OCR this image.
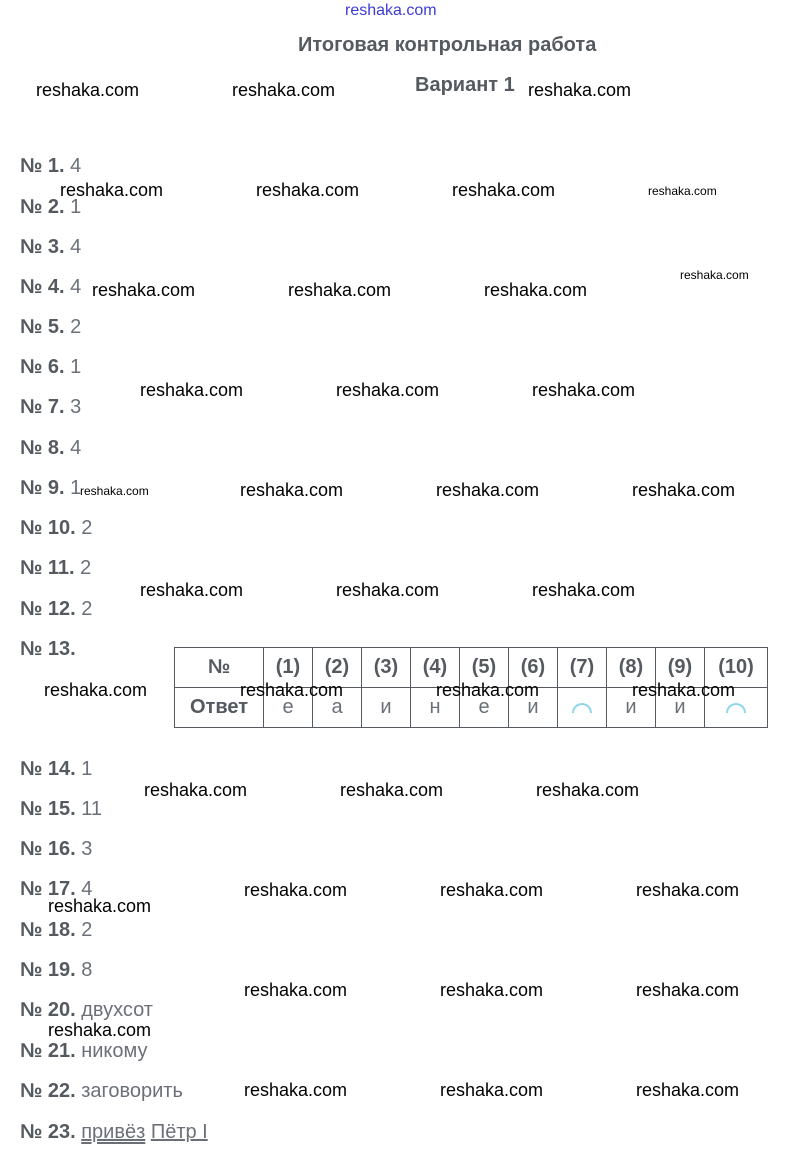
reshaka.com
Итоговая контрольная работа
Вариант 1
№ 1. 4
№ 2. 1
№ 3. 4
№ 4. 4
№ 5. 2
№ 6. 1
№ 7. 3
№ 8. 4
№ 9. 1
№ 10. 2
№ 11. 2
№ 12. 2
№ 13.
№ 14. 1
№ 15. 11
№ 16. 3
№ 17. 4
№ 18. 2
№ 19. 8
№ 20. двухсот
№ 21. никому
№ 22. заговорить
№ 23. привёз Пётр I
№	(1)	(2)	(3)	(4)	(5)	(6)	(7)	(8)	(9)	(10)
Ответ	е	а	и	н	е	и		и	и	
reshaka.com	reshaka.com	reshaka.com
reshaka.com	reshaka.com	reshaka.com	reshaka.com
reshaka.com	reshaka.com	reshaka.com
reshaka.com
reshaka.com	reshaka.com	reshaka.com
reshaka.com	reshaka.com	reshaka.com	reshaka.com
reshaka.com	reshaka.com	reshaka.com
reshaka.com	reshaka.com	reshaka.com	reshaka.com
reshaka.com	reshaka.com	reshaka.com
reshaka.com	reshaka.com	reshaka.com
reshaka.com
reshaka.com	reshaka.com	reshaka.com
reshaka.com
reshaka.com	reshaka.com	reshaka.com
